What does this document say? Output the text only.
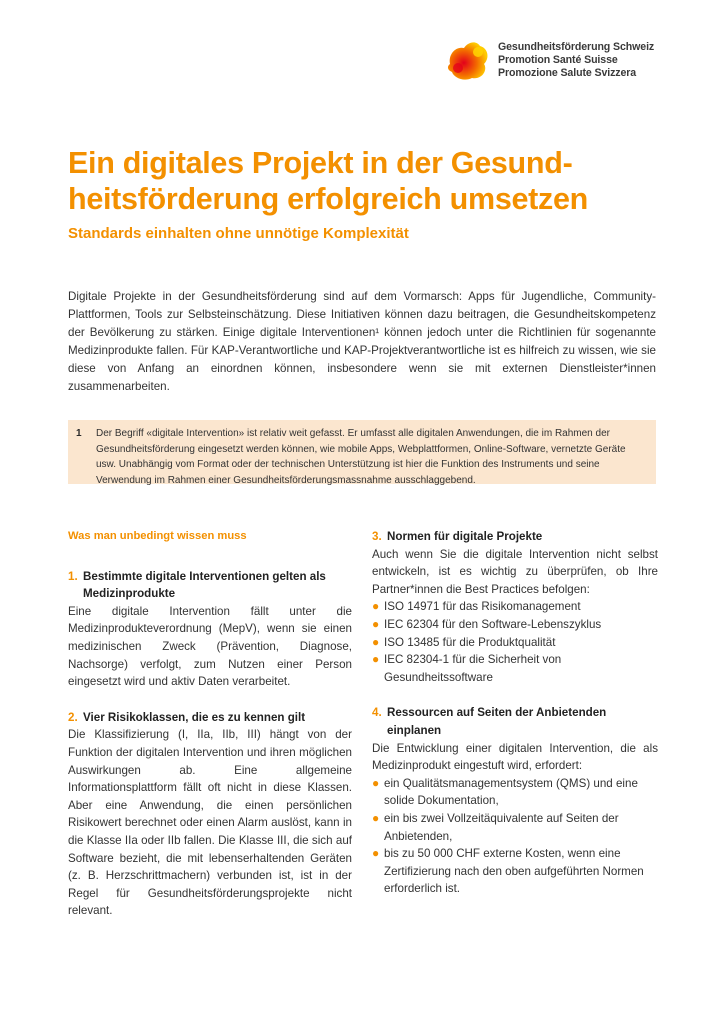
Gesundheitsförderung Schweiz
Promotion Santé Suisse
Promozione Salute Svizzera
Ein digitales Projekt in der Gesundheitsförderung erfolgreich umsetzen
Standards einhalten ohne unnötige Komplexität

Digitale Projekte in der Gesundheitsförderung sind auf dem Vormarsch: Apps für Jugendliche, Community-Plattformen, Tools zur Selbsteinschätzung. Diese Initiativen können dazu beitragen, die Gesundheitskompetenz der Bevölkerung zu stärken. Einige digitale Interventionen¹ können jedoch unter die Richtlinien für sogenannte Medizinprodukte fallen. Für KAP-Verantwortliche und KAP-Projektverantwortliche ist es hilfreich zu wissen, wie sie diese von Anfang an einordnen können, insbesondere wenn sie mit externen Dienstleister*innen zusammenarbeiten.

1 Der Begriff «digitale Intervention» ist relativ weit gefasst. Er umfasst alle digitalen Anwendungen, die im Rahmen der Gesundheitsförderung eingesetzt werden können, wie mobile Apps, Webplattformen, Online-Software, vernetzte Geräte usw. Unabhängig vom Format oder der technischen Unterstützung ist hier die Funktion des Instruments und seine Verwendung im Rahmen einer Gesundheitsförderungsmassnahme ausschlaggebend.

Was man unbedingt wissen muss

1. Bestimmte digitale Interventionen gelten als Medizinprodukte

Eine digitale Intervention fällt unter die Medizinprodukteverordnung (MepV), wenn sie einen medizinischen Zweck (Prävention, Diagnose, Nachsorge) verfolgt, zum Nutzen einer Person eingesetzt wird und aktiv Daten verarbeitet.

2. Vier Risikoklassen, die es zu kennen gilt

Die Klassifizierung (I, IIa, IIb, III) hängt von der Funktion der digitalen Intervention und ihren möglichen Auswirkungen ab. Eine allgemeine Informationsplattform fällt oft nicht in diese Klassen. Aber eine Anwendung, die einen persönlichen Risikowert berechnet oder einen Alarm auslöst, kann in die Klasse IIa oder IIb fallen. Die Klasse III, die sich auf Software bezieht, die mit lebenserhaltenden Geräten (z. B. Herzschrittmachern) verbunden ist, ist in der Regel für Gesundheitsförderungsprojekte nicht relevant.

3. Normen für digitale Projekte

Auch wenn Sie die digitale Intervention nicht selbst entwickeln, ist es wichtig zu überprüfen, ob Ihre Partner*innen die Best Practices befolgen:

● ISO 14971 für das Risikomanagement
● IEC 62304 für den Software-Lebenszyklus
● ISO 13485 für die Produktqualität
● IEC 82304-1 für die Sicherheit von Gesundheitssoftware
4. Ressourcen auf Seiten der Anbietenden einplanen

Die Entwicklung einer digitalen Intervention, die als Medizinprodukt eingestuft wird, erfordert:

● ein Qualitätsmanagementsystem (QMS) und eine solide Dokumentation,
● ein bis zwei Vollzeitäquivalente auf Seiten der Anbietenden,
● bis zu 50 000 CHF externe Kosten, wenn eine Zertifizierung nach den oben aufgeführten Normen erforderlich ist.
